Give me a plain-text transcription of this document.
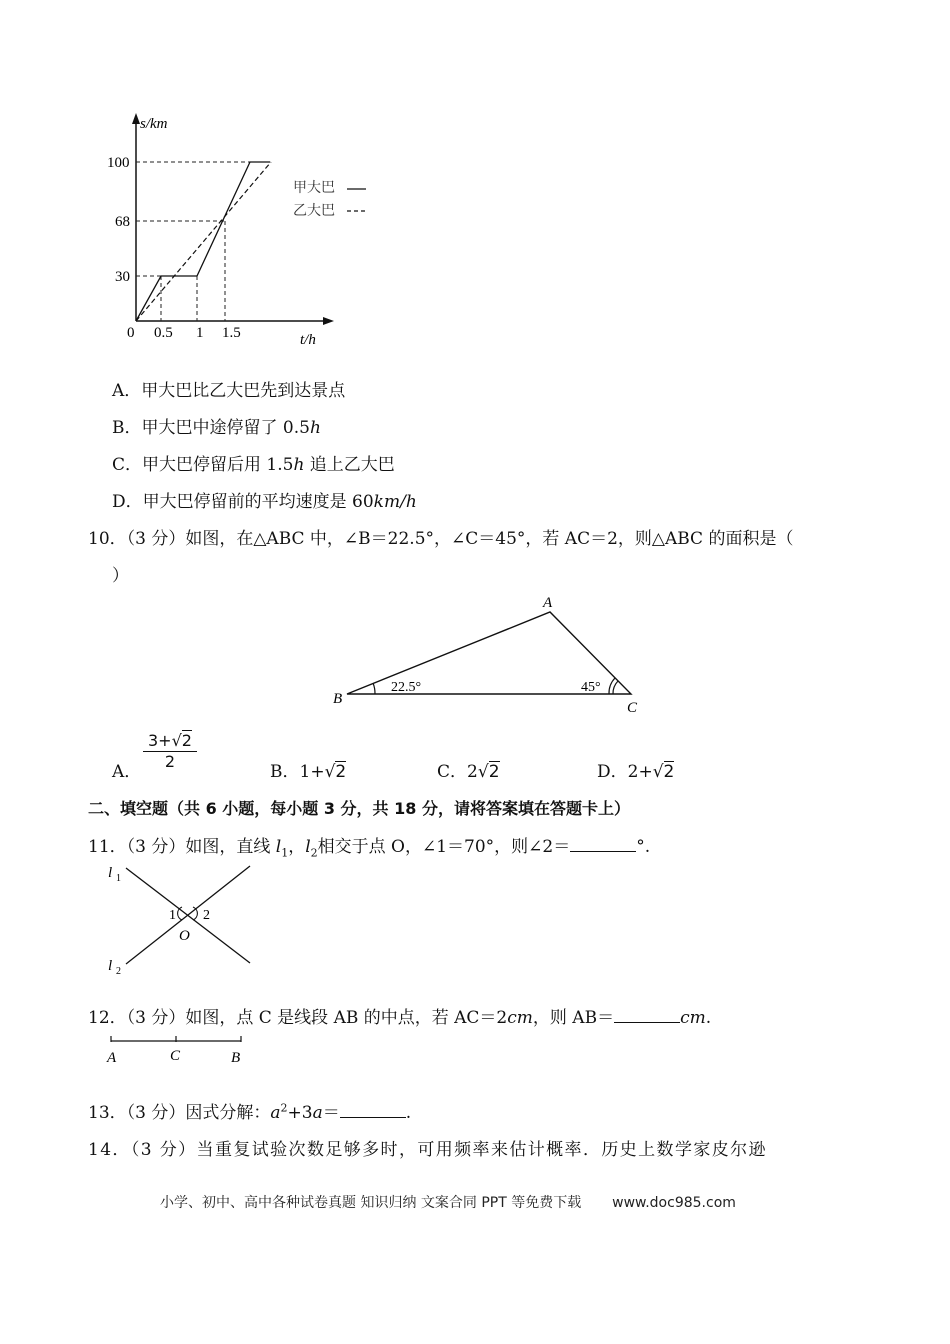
s/km
t/h
0
100
68
30
0.5 1 1.5
甲大巴
乙大巴
A．甲大巴比乙大巴先到达景点
B．甲大巴中途停留了 0.5h
C．甲大巴停留后用 1.5h 追上乙大巴
D．甲大巴停留前的平均速度是 60km/h
10．（3 分）如图，在△ABC 中，∠B＝22.5°，∠C＝45°，若 AC＝2，则△ABC 的面积是（
）
A
B
C
22.5°	45°
A．
3+√2
2
B．1+√2	C．2√2	D．2+√2
二、填空题（共 6 小题，每小题 3 分，共 18 分，请将答案填在答题卡上）
11．（3 分）如图，直线 $l_1$，$l_2$相交于点 O，∠1＝70°，则∠2＝	°.
l 1
l 2
1 2
O
12．（3 分）如图，点 C 是线段 AB 的中点，若 AC＝2cm，则 AB＝	cm.
A	C	B
13．（3 分）因式分解：$a^2+3a=$	.
14．（3 分）当重复试验次数足够多时，可用频率来估计概率．历史上数学家皮尔逊
小学、初中、高中各种试卷真题 知识归纳 文案合同 PPT 等免费下载 www.doc985.com
